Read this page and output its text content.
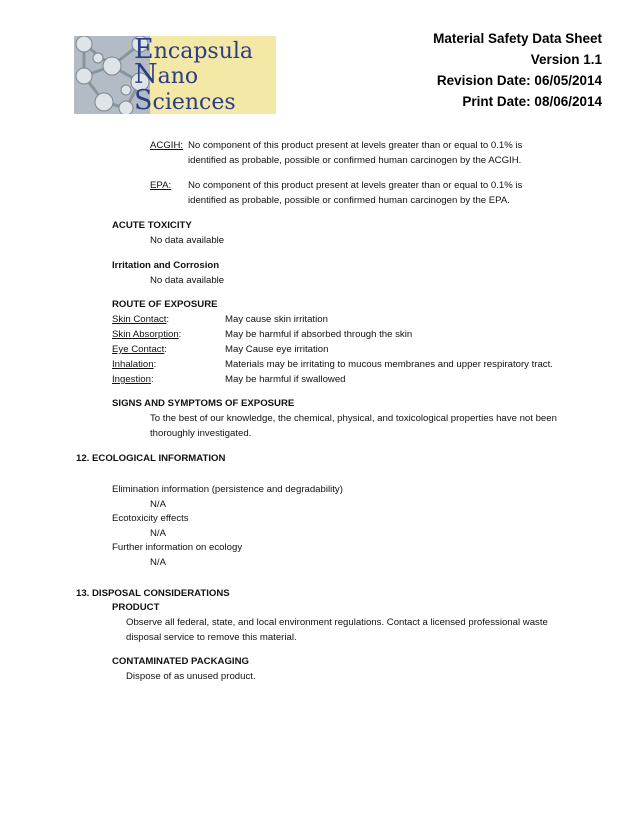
Encapsula
Nano
Sciences
Material Safety Data Sheet
Version 1.1
Revision Date: 06/05/2014
Print Date: 08/06/2014
ACGIH: No component of this product present at levels greater than or equal to 0.1% is
identified as probable, possible or confirmed human carcinogen by the ACGIH.
EPA: No component of this product present at levels greater than or equal to 0.1% is
identified as probable, possible or confirmed human carcinogen by the EPA.
ACUTE TOXICITY
No data available
Irritation and Corrosion
No data available
ROUTE OF EXPOSURE
Skin Contact:	May cause skin irritation
Skin Absorption:	May be harmful if absorbed through the skin
Eye Contact:	May Cause eye irritation
Inhalation:	Materials may be irritating to mucous membranes and upper respiratory tract.
Ingestion:	May be harmful if swallowed
SIGNS AND SYMPTOMS OF EXPOSURE
To the best of our knowledge, the chemical, physical, and toxicological properties have not been
thoroughly investigated.
12. ECOLOGICAL INFORMATION
Elimination information (persistence and degradability)
N/A
Ecotoxicity effects
N/A
Further information on ecology
N/A
13. DISPOSAL CONSIDERATIONS
PRODUCT
Observe all federal, state, and local environment regulations. Contact a licensed professional waste
disposal service to remove this material.
CONTAMINATED PACKAGING
Dispose of as unused product.
